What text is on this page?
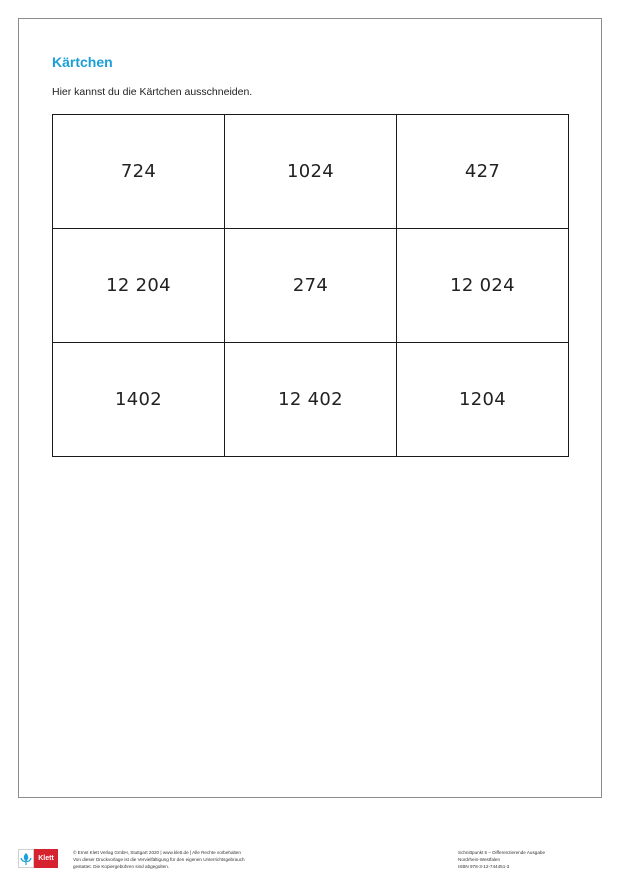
Kärtchen
Hier kannst du die Kärtchen ausschneiden.
724	1024	427
12 204	274	12 024
1402	12 402	1204
Klett
© Ernst Klett Verlag GmbH, Stuttgart 2020 | www.klett.de | Alle Rechte vorbehalten
Von dieser Druckvorlage ist die Vervielfältigung für den eigenen Unterrichtsgebrauch
gestattet. Die Kopiergebühren sind abgegolten.
Schnittpunkt 5 – Differenzierende Ausgabe
Nordrhein-Westfalen
ISBN 978-3-12-744451-3
